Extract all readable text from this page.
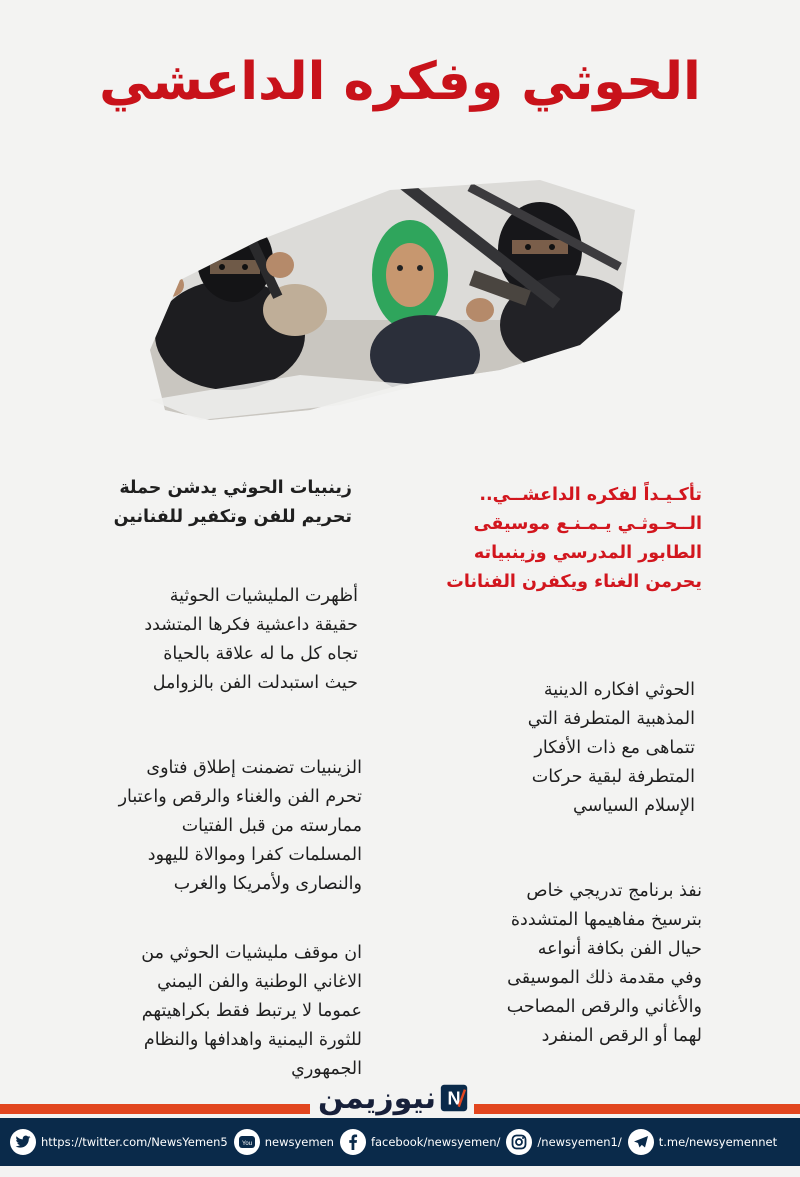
الحوثي وفكره الداعشي
تأكـيـداً لفكره الداعشــي..
الــحـوثـي يـمـنـع موسيقى
الطابور المدرسي وزينبياته
يحرمن الغناء ويكفرن الفنانات
الحوثي افكاره الدينية
المذهبية المتطرفة التي
تتماهى مع ذات الأفكار
المتطرفة لبقية حركات
الإسلام السياسي
نفذ برنامج تدريجي خاص
بترسيخ مفاهيمها المتشددة
حيال الفن بكافة أنواعه
وفي مقدمة ذلك الموسيقى
والأغاني والرقص المصاحب
لهما أو الرقص المنفرد
زينبيات الحوثي يدشن حملة
تحريم للفن وتكفير للفنانين
أظهرت المليشيات الحوثية
حقيقة داعشية فكرها المتشدد
تجاه كل ما له علاقة بالحياة
حيث استبدلت الفن بالزوامل
الزينبيات تضمنت إطلاق فتاوى
تحرم الفن والغناء والرقص واعتبار
ممارسته من قبل الفتيات
المسلمات كفرا وموالاة لليهود
والنصارى ولأمريكا والغرب
ان موقف مليشيات الحوثي من
الاغاني الوطنية والفن اليمني
عموما لا يرتبط فقط بكراهيتهم
للثورة اليمنية واهدافها والنظام
الجمهوري
N
نيوزيمن
https://twitter.com/NewsYemen5 You newsyemen	facebook/newsyemen/	/newsyemen1/	t.me/newsyemennet
